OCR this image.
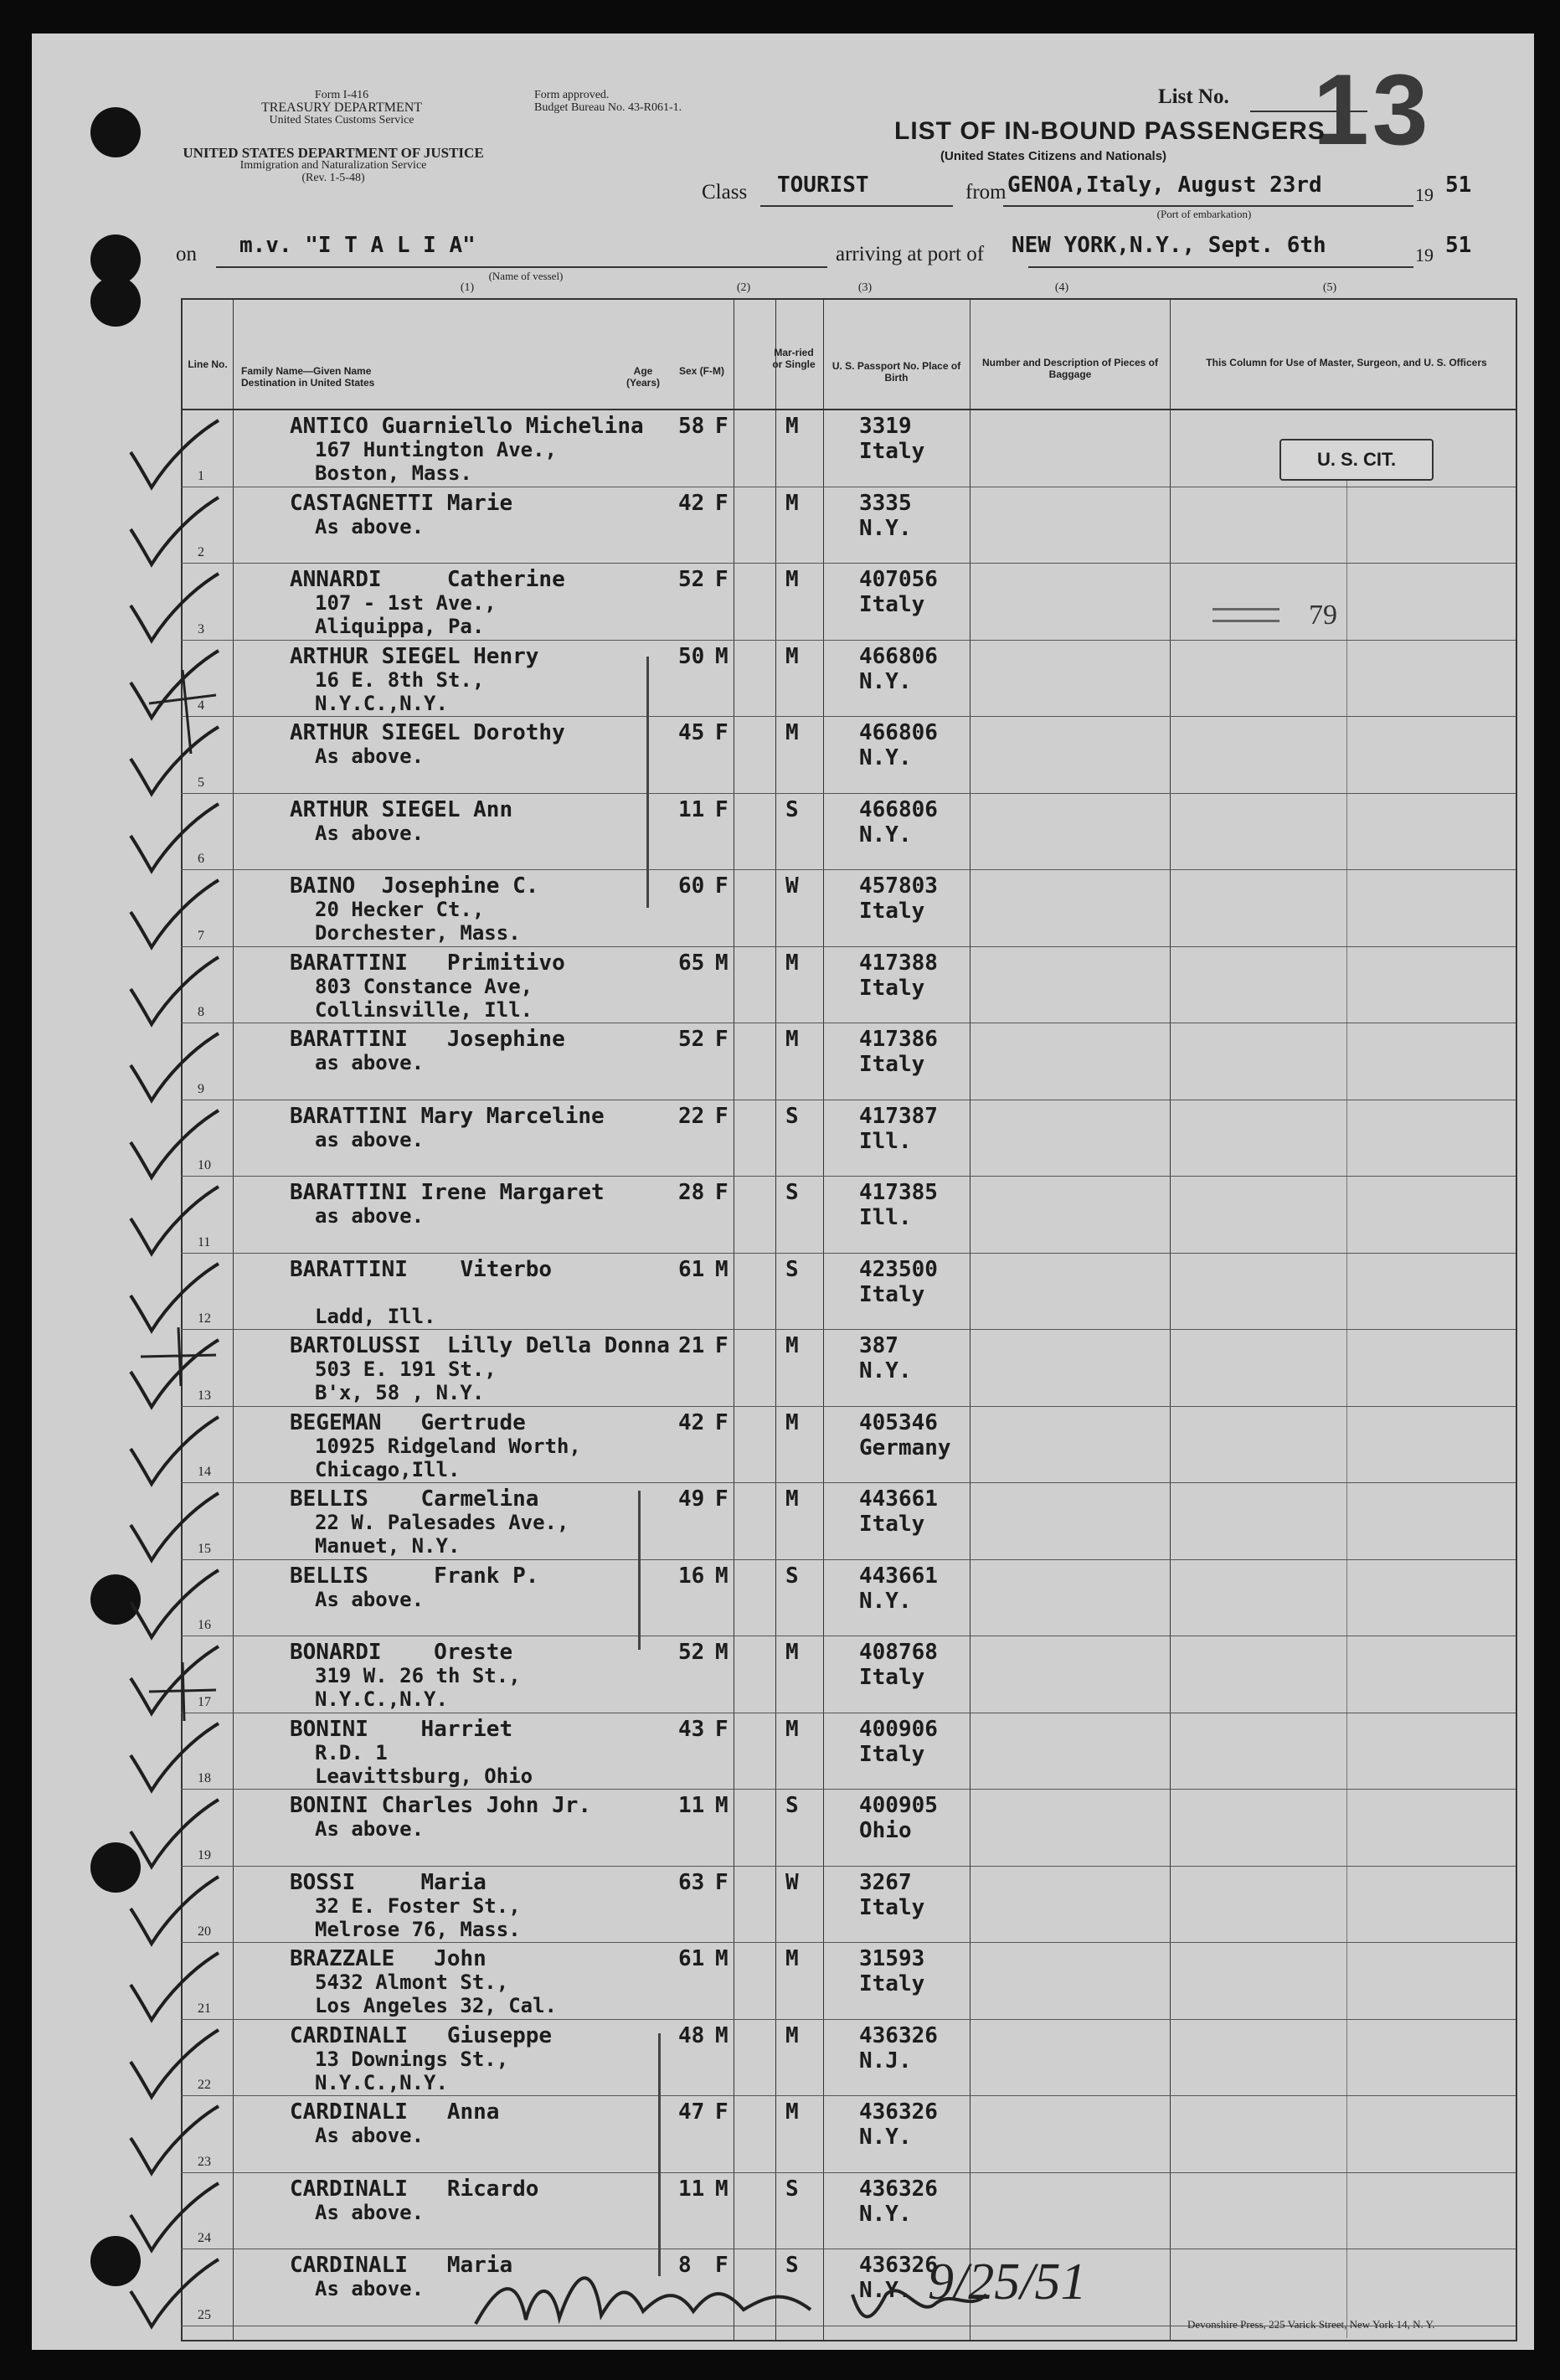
Form I-416
TREASURY DEPARTMENT
United States Customs Service
Form approved.
Budget Bureau No. 43-R061-1.
UNITED STATES DEPARTMENT OF JUSTICE
Immigration and Naturalization Service
(Rev. 1-5-48)
List No. 13
LIST OF IN-BOUND PASSENGERS
(United States Citizens and Nationals)
Class TOURIST	from GENOA,Italy, August 23rd	19 51
(Port of embarkation)
on m.v. "I T A L I A"
(Name of vessel)
arriving at port of NEW YORK,N.Y., Sept. 6th	19 51
(1)	(2)	(3)	(4)	(5)
Line No.
Family Name—Given Name
Destination in United States
Age (Years)
Sex (F-M)
Mar-ried or Single	U. S. Passport No. Place of Birth
Number and Description of Pieces of Baggage
This Column for Use of Master, Surgeon, and U. S. Officers
U. S. CIT.
79
1
ANTICO Guarniello Michelina
167 Huntington Ave.,
Boston, Mass.
58 F	M	3319
Italy
2
CASTAGNETTI Marie
As above.
42 F	M	3335
N.Y.
3
ANNARDI     Catherine
107 - 1st Ave.,
Aliquippa, Pa.
52 F	M	407056
Italy
4
ARTHUR SIEGEL Henry
16 E. 8th St.,
N.Y.C.,N.Y.
50 M	M	466806
N.Y.
5
ARTHUR SIEGEL Dorothy
As above.
45 F	M	466806
N.Y.
6
ARTHUR SIEGEL Ann
As above.
11 F	S	466806
N.Y.
7
BAINO  Josephine C.
20 Hecker Ct.,
Dorchester, Mass.
60 F	W	457803
Italy
8
BARATTINI   Primitivo
803 Constance Ave,
Collinsville, Ill.
65 M	M	417388
Italy
9
BARATTINI   Josephine
as above.
52 F	M	417386
Italy
10
BARATTINI Mary Marceline
as above.
22 F	S	417387
Ill.
11
BARATTINI Irene Margaret
as above.
28 F	S	417385
Ill.
12
BARATTINI    Viterbo
Ladd, Ill.
61 M	S	423500
Italy
13
BARTOLUSSI  Lilly Della Donna
503 E. 191 St.,
B'x, 58 , N.Y.
21 F	M	387
N.Y.
14
BEGEMAN   Gertrude
10925 Ridgeland Worth,
Chicago,Ill.
42 F	M	405346
Germany
15
BELLIS    Carmelina
22 W. Palesades Ave.,
Manuet, N.Y.
49 F	M	443661
Italy
16
BELLIS     Frank P.
As above.
16 M	S	443661
N.Y.
17
BONARDI    Oreste
319 W. 26 th St.,
N.Y.C.,N.Y.
52 M	M	408768
Italy
18
BONINI    Harriet
R.D. 1
Leavittsburg, Ohio
43 F	M	400906
Italy
19
BONINI Charles John Jr.
As above.
11 M	S	400905
Ohio
20
BOSSI     Maria
32 E. Foster St.,
Melrose 76, Mass.
63 F	W	3267
Italy
21
BRAZZALE   John
5432 Almont St.,
Los Angeles 32, Cal.
61 M	M	31593
Italy
22
CARDINALI   Giuseppe
13 Downings St.,
N.Y.C.,N.Y.
48 M	M	436326
N.J.
23
CARDINALI   Anna
As above.
47 F	M	436326
N.Y.
24
CARDINALI   Ricardo
As above.
11 M	S	436326
N.Y.
25
CARDINALI   Maria
As above.
8 F	S	436326
N.Y. 9/25/51
Devonshire Press, 225 Varick Street, New York 14, N. Y.
